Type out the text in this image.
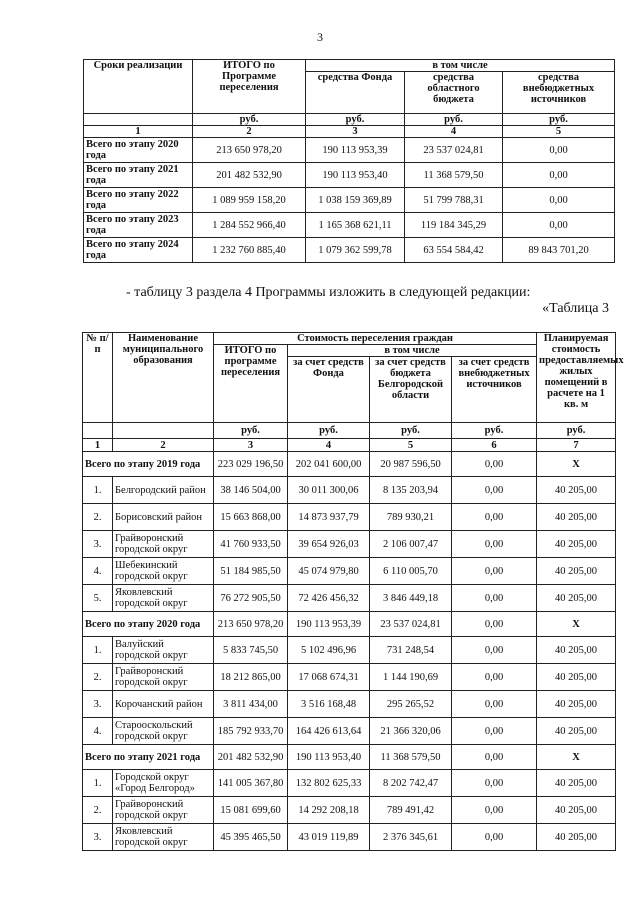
3
Сроки реализации	ИТОГО по Программе переселения	в том числе		
		средства Фонда	средства областного бюджета	средства внебюджетных источников
	руб.	руб.	руб.	руб.
1	2	3	4	5
Всего по этапу 2020 года	213 650 978,20	190 113 953,39	23 537 024,81	0,00
Всего по этапу 2021 года	201 482 532,90	190 113 953,40	11 368 579,50	0,00
Всего по этапу 2022 года	1 089 959 158,20	1 038 159 369,89	51 799 788,31	0,00
Всего по этапу 2023 года	1 284 552 966,40	1 165 368 621,11	119 184 345,29	0,00
Всего по этапу 2024 года	1 232 760 885,40	1 079 362 599,78	63 554 584,42	89 843 701,20
- таблицу 3 раздела 4 Программы изложить в следующей редакции:
«Таблица 3
№ п/п	Наименование муниципального образования	Стоимость переселения граждан				Планируемая стоимость предоставляемых жилых помещений в расчете на 1 кв. м
		ИТОГО по программе переселения	в том числе			
			за счет средств Фонда	за счет средств бюджета Белгородской области	за счет средств внебюджетных источников	
		руб.	руб.	руб.	руб.	руб.
1	2	3	4	5	6	7
Всего по этапу 2019 года		223 029 196,50	202 041 600,00	20 987 596,50	0,00	Х
1.	Белгородский район	38 146 504,00	30 011 300,06	8 135 203,94	0,00	40 205,00
2.	Борисовский район	15 663 868,00	14 873 937,79	789 930,21	0,00	40 205,00
3.	Грайворонский городской округ	41 760 933,50	39 654 926,03	2 106 007,47	0,00	40 205,00
4.	Шебекинский городской округ	51 184 985,50	45 074 979,80	6 110 005,70	0,00	40 205,00
5.	Яковлевский городской округ	76 272 905,50	72 426 456,32	3 846 449,18	0,00	40 205,00
Всего по этапу 2020 года		213 650 978,20	190 113 953,39	23 537 024,81	0,00	Х
1.	Валуйский городской округ	5 833 745,50	5 102 496,96	731 248,54	0,00	40 205,00
2.	Грайворонский городской округ	18 212 865,00	17 068 674,31	1 144 190,69	0,00	40 205,00
3.	Корочанский район	3 811 434,00	3 516 168,48	295 265,52	0,00	40 205,00
4.	Старооскольский городской округ	185 792 933,70	164 426 613,64	21 366 320,06	0,00	40 205,00
Всего по этапу 2021 года		201 482 532,90	190 113 953,40	11 368 579,50	0,00	Х
1.	Городской округ «Город Белгород»	141 005 367,80	132 802 625,33	8 202 742,47	0,00	40 205,00
2.	Грайворонский городской округ	15 081 699,60	14 292 208,18	789 491,42	0,00	40 205,00
3.	Яковлевский городской округ	45 395 465,50	43 019 119,89	2 376 345,61	0,00	40 205,00
